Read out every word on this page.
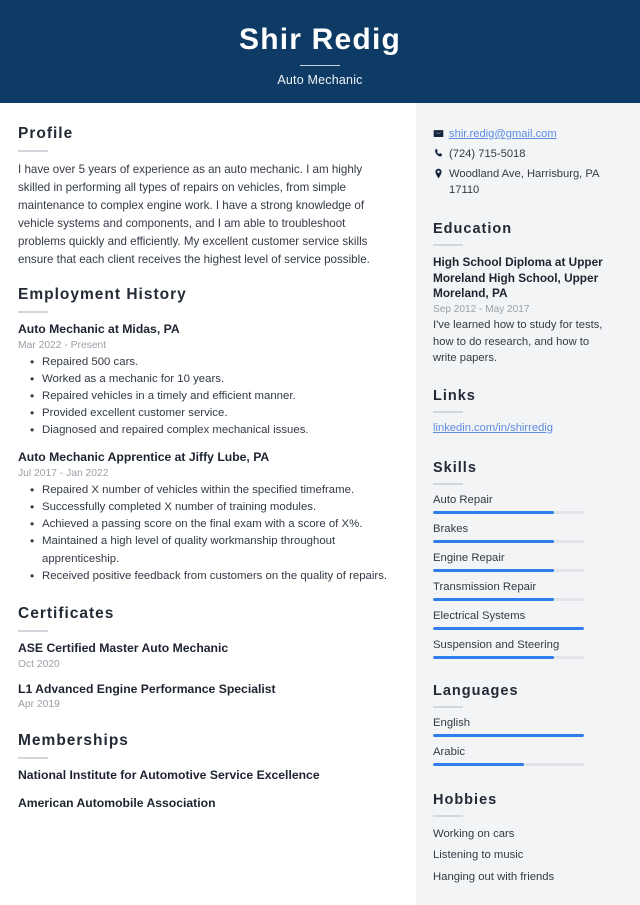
Shir Redig
Auto Mechanic
Profile
I have over 5 years of experience as an auto mechanic. I am highly skilled in performing all types of repairs on vehicles, from simple maintenance to complex engine work. I have a strong knowledge of vehicle systems and components, and I am able to troubleshoot problems quickly and efficiently. My excellent customer service skills ensure that each client receives the highest level of service possible.
Employment History
Auto Mechanic at Midas, PA
Mar 2022 - Present
• Repaired 500 cars.
• Worked as a mechanic for 10 years.
• Repaired vehicles in a timely and efficient manner.
• Provided excellent customer service.
• Diagnosed and repaired complex mechanical issues.
Auto Mechanic Apprentice at Jiffy Lube, PA
Jul 2017 - Jan 2022
• Repaired X number of vehicles within the specified timeframe.
• Successfully completed X number of training modules.
• Achieved a passing score on the final exam with a score of X%.
• Maintained a high level of quality workmanship throughout apprenticeship.
• Received positive feedback from customers on the quality of repairs.
Certificates
ASE Certified Master Auto Mechanic
Oct 2020
L1 Advanced Engine Performance Specialist
Apr 2019
Memberships
National Institute for Automotive Service Excellence
American Automobile Association
shir.redig@gmail.com
(724) 715-5018
Woodland Ave, Harrisburg, PA 17110
Education
High School Diploma at Upper Moreland High School, Upper Moreland, PA
Sep 2012 - May 2017
I've learned how to study for tests, how to do research, and how to write papers.
Links
linkedin.com/in/shirredig
Skills
Auto Repair
Brakes
Engine Repair
Transmission Repair
Electrical Systems
Suspension and Steering
Languages
English
Arabic
Hobbies
Working on cars
Listening to music
Hanging out with friends
